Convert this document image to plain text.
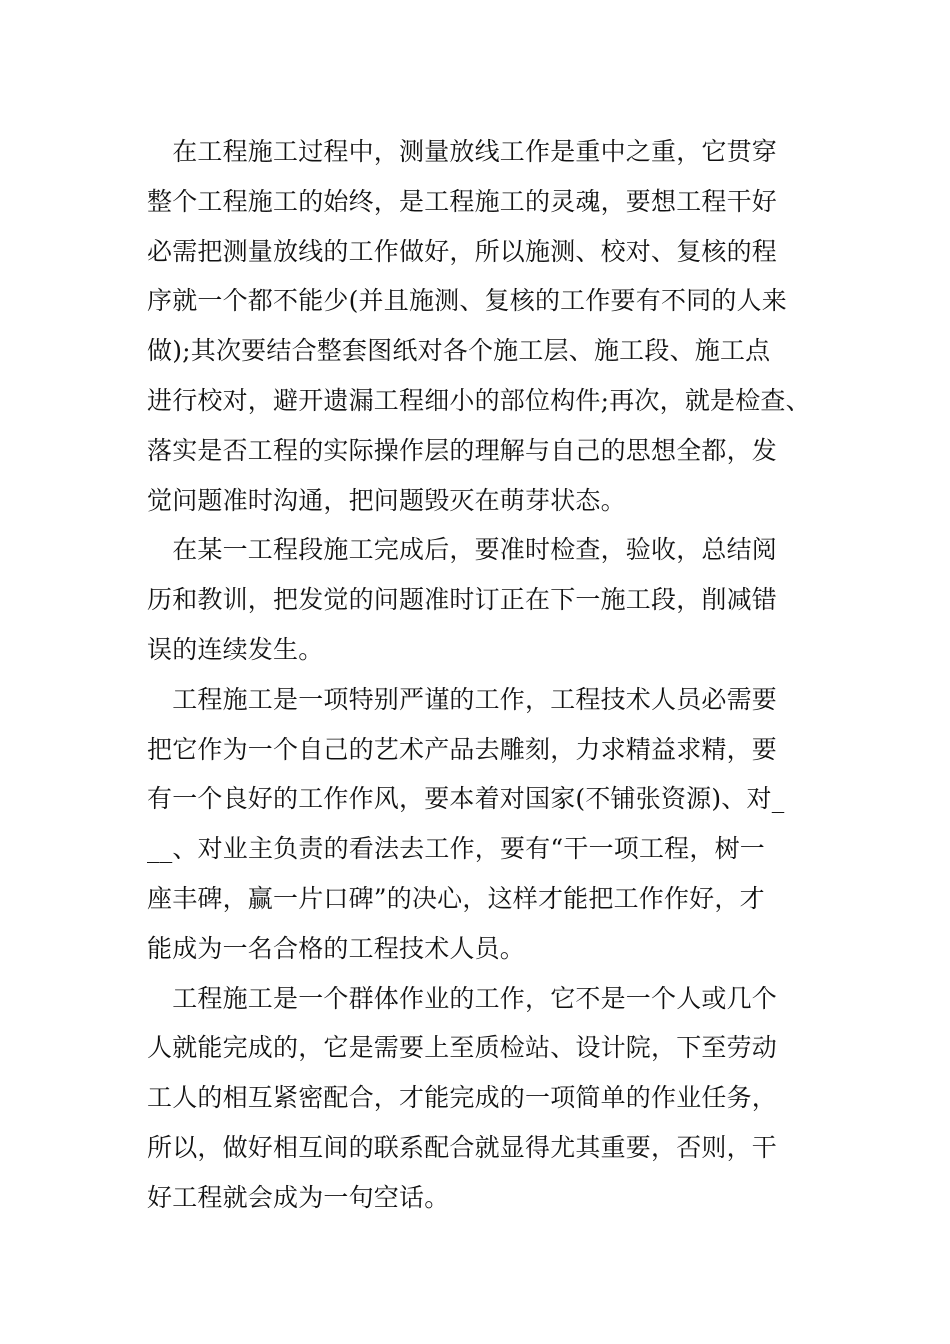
　在工程施工过程中，测量放线工作是重中之重，它贯穿
整个工程施工的始终，是工程施工的灵魂，要想工程干好
必需把测量放线的工作做好，所以施测、校对、复核的程
序就一个都不能少(并且施测、复核的工作要有不同的人来
做);其次要结合整套图纸对各个施工层、施工段、施工点
进行校对，避开遗漏工程细小的部位构件;再次，就是检查、
落实是否工程的实际操作层的理解与自己的思想全都，发
觉问题准时沟通，把问题毁灭在萌芽状态。
　在某一工程段施工完成后，要准时检查，验收，总结阅
历和教训，把发觉的问题准时订正在下一施工段，削减错
误的连续发生。
　工程施工是一项特别严谨的工作，工程技术人员必需要
把它作为一个自己的艺术产品去雕刻，力求精益求精，要
有一个良好的工作作风，要本着对国家(不铺张资源)、对_
__、对业主负责的看法去工作，要有“干一项工程，树一
座丰碑，赢一片口碑”的决心，这样才能把工作作好，才
能成为一名合格的工程技术人员。
　工程施工是一个群体作业的工作，它不是一个人或几个
人就能完成的，它是需要上至质检站、设计院，下至劳动
工人的相互紧密配合，才能完成的一项简单的作业任务，
所以，做好相互间的联系配合就显得尤其重要，否则，干
好工程就会成为一句空话。
